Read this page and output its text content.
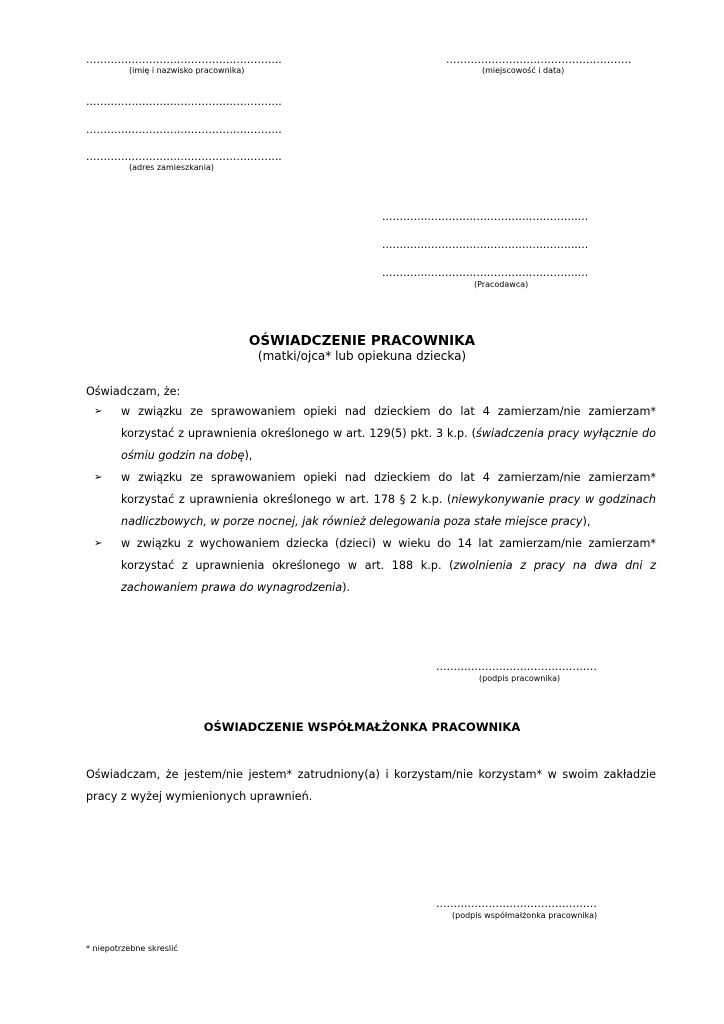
........................................................
(imię i nazwisko pracownika)
.....................................................
(miejscowość i data)
........................................................
........................................................
........................................................
(adres zamieszkania)
...........................................................
...........................................................
...........................................................
(Pracodawca)
OŚWIADCZENIE PRACOWNIKA
(matki/ojca* lub opiekuna dziecka)
Oświadczam, że:
➢ w związku ze sprawowaniem opieki nad dzieckiem do lat 4 zamierzam/nie zamierzam* korzystać z uprawnienia określonego w art. 129(5) pkt. 3 k.p. (świadczenia pracy wyłącznie do ośmiu godzin na dobę),
➢ w związku ze sprawowaniem opieki nad dzieckiem do lat 4 zamierzam/nie zamierzam* korzystać z uprawnienia określonego w art. 178 § 2 k.p. (niewykonywanie pracy w godzinach nadliczbowych, w porze nocnej, jak również delegowania poza stałe miejsce pracy),
➢ w związku z wychowaniem dziecka (dzieci) w wieku do 14 lat zamierzam/nie zamierzam* korzystać z uprawnienia określonego w art. 188 k.p. (zwolnienia z pracy na dwa dni z zachowaniem prawa do wynagrodzenia).
..............................................
(podpis pracownika)
OŚWIADCZENIE WSPÓŁMAŁŻONKA PRACOWNIKA
Oświadczam, że jestem/nie jestem* zatrudniony(a) i korzystam/nie korzystam* w swoim zakładzie pracy z wyżej wymienionych uprawnień.
..............................................
(podpis współmałżonka pracownika)
* niepotrzebne skreslić
